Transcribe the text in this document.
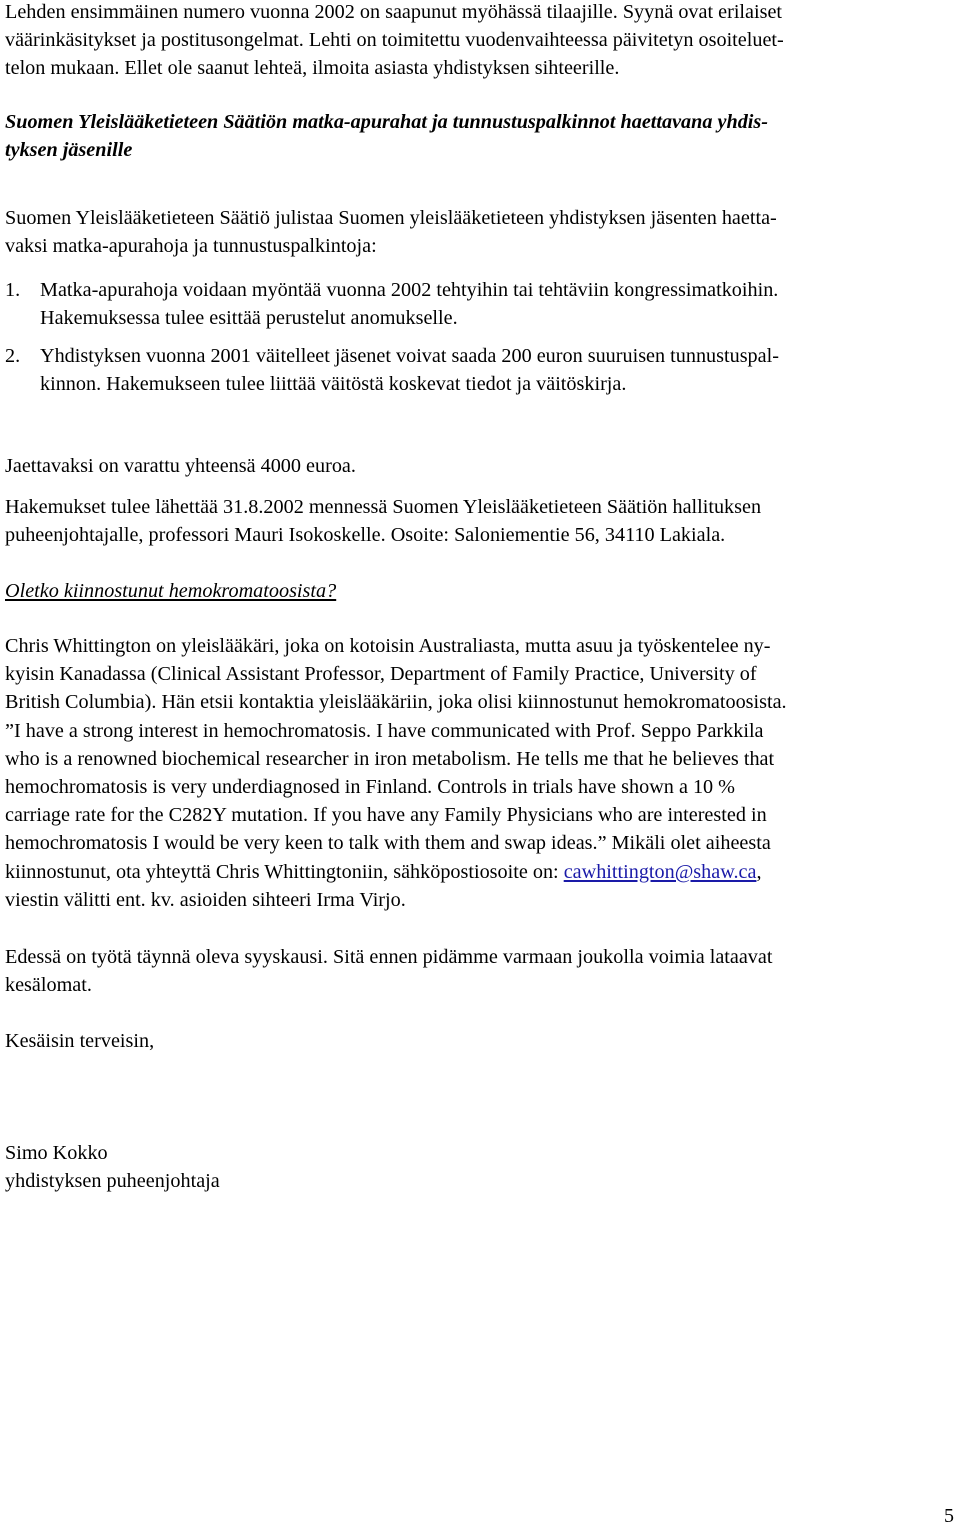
Lehden ensimmäinen numero vuonna 2002 on saapunut myöhässä tilaajille. Syynä ovat erilaiset
väärinkäsitykset ja postitusongelmat. Lehti on toimitettu vuodenvaihteessa päivitetyn osoiteluet-
telon mukaan. Ellet ole saanut lehteä, ilmoita asiasta yhdistyksen sihteerille.
Suomen Yleislääketieteen Säätiön matka-apurahat ja tunnustuspalkinnot haettavana yhdis-
tyksen jäsenille
Suomen Yleislääketieteen Säätiö julistaa Suomen yleislääketieteen yhdistyksen jäsenten haetta-
vaksi matka-apurahoja ja tunnustuspalkintoja:
1. Matka-apurahoja voidaan myöntää vuonna 2002 tehtyihin tai tehtäviin kongressimatkoihin.
Hakemuksessa tulee esittää perustelut anomukselle.
2. Yhdistyksen vuonna 2001 väitelleet jäsenet voivat saada 200 euron suuruisen tunnustuspal-
kinnon. Hakemukseen tulee liittää väitöstä koskevat tiedot ja väitöskirja.
Jaettavaksi on varattu yhteensä 4000 euroa.
Hakemukset tulee lähettää 31.8.2002 mennessä Suomen Yleislääketieteen Säätiön hallituksen
puheenjohtajalle, professori Mauri Isokoskelle. Osoite: Saloniementie 56, 34110 Lakiala.
Oletko kiinnostunut hemokromatoosista?
Chris Whittington on yleislääkäri, joka on kotoisin Australiasta, mutta asuu ja työskentelee ny-
kyisin Kanadassa (Clinical Assistant Professor, Department of Family Practice, University of
British Columbia). Hän etsii kontaktia yleislääkäriin, joka olisi kiinnostunut hemokromatoosista.
”I have a strong interest in hemochromatosis. I have communicated with Prof. Seppo Parkkila
who is a renowned biochemical researcher in iron metabolism. He tells me that he believes that
hemochromatosis is very underdiagnosed in Finland. Controls in trials have shown a 10 %
carriage rate for the C282Y mutation. If you have any Family Physicians who are interested in
hemochromatosis I would be very keen to talk with them and swap ideas.” Mikäli olet aiheesta
kiinnostunut, ota yhteyttä Chris Whittingtoniin, sähköpostiosoite on: cawhittington@shaw.ca,
viestin välitti ent. kv. asioiden sihteeri Irma Virjo.
Edessä on työtä täynnä oleva syyskausi. Sitä ennen pidämme varmaan joukolla voimia lataavat
kesälomat.
Kesäisin terveisin,
Simo Kokko
yhdistyksen puheenjohtaja
5
